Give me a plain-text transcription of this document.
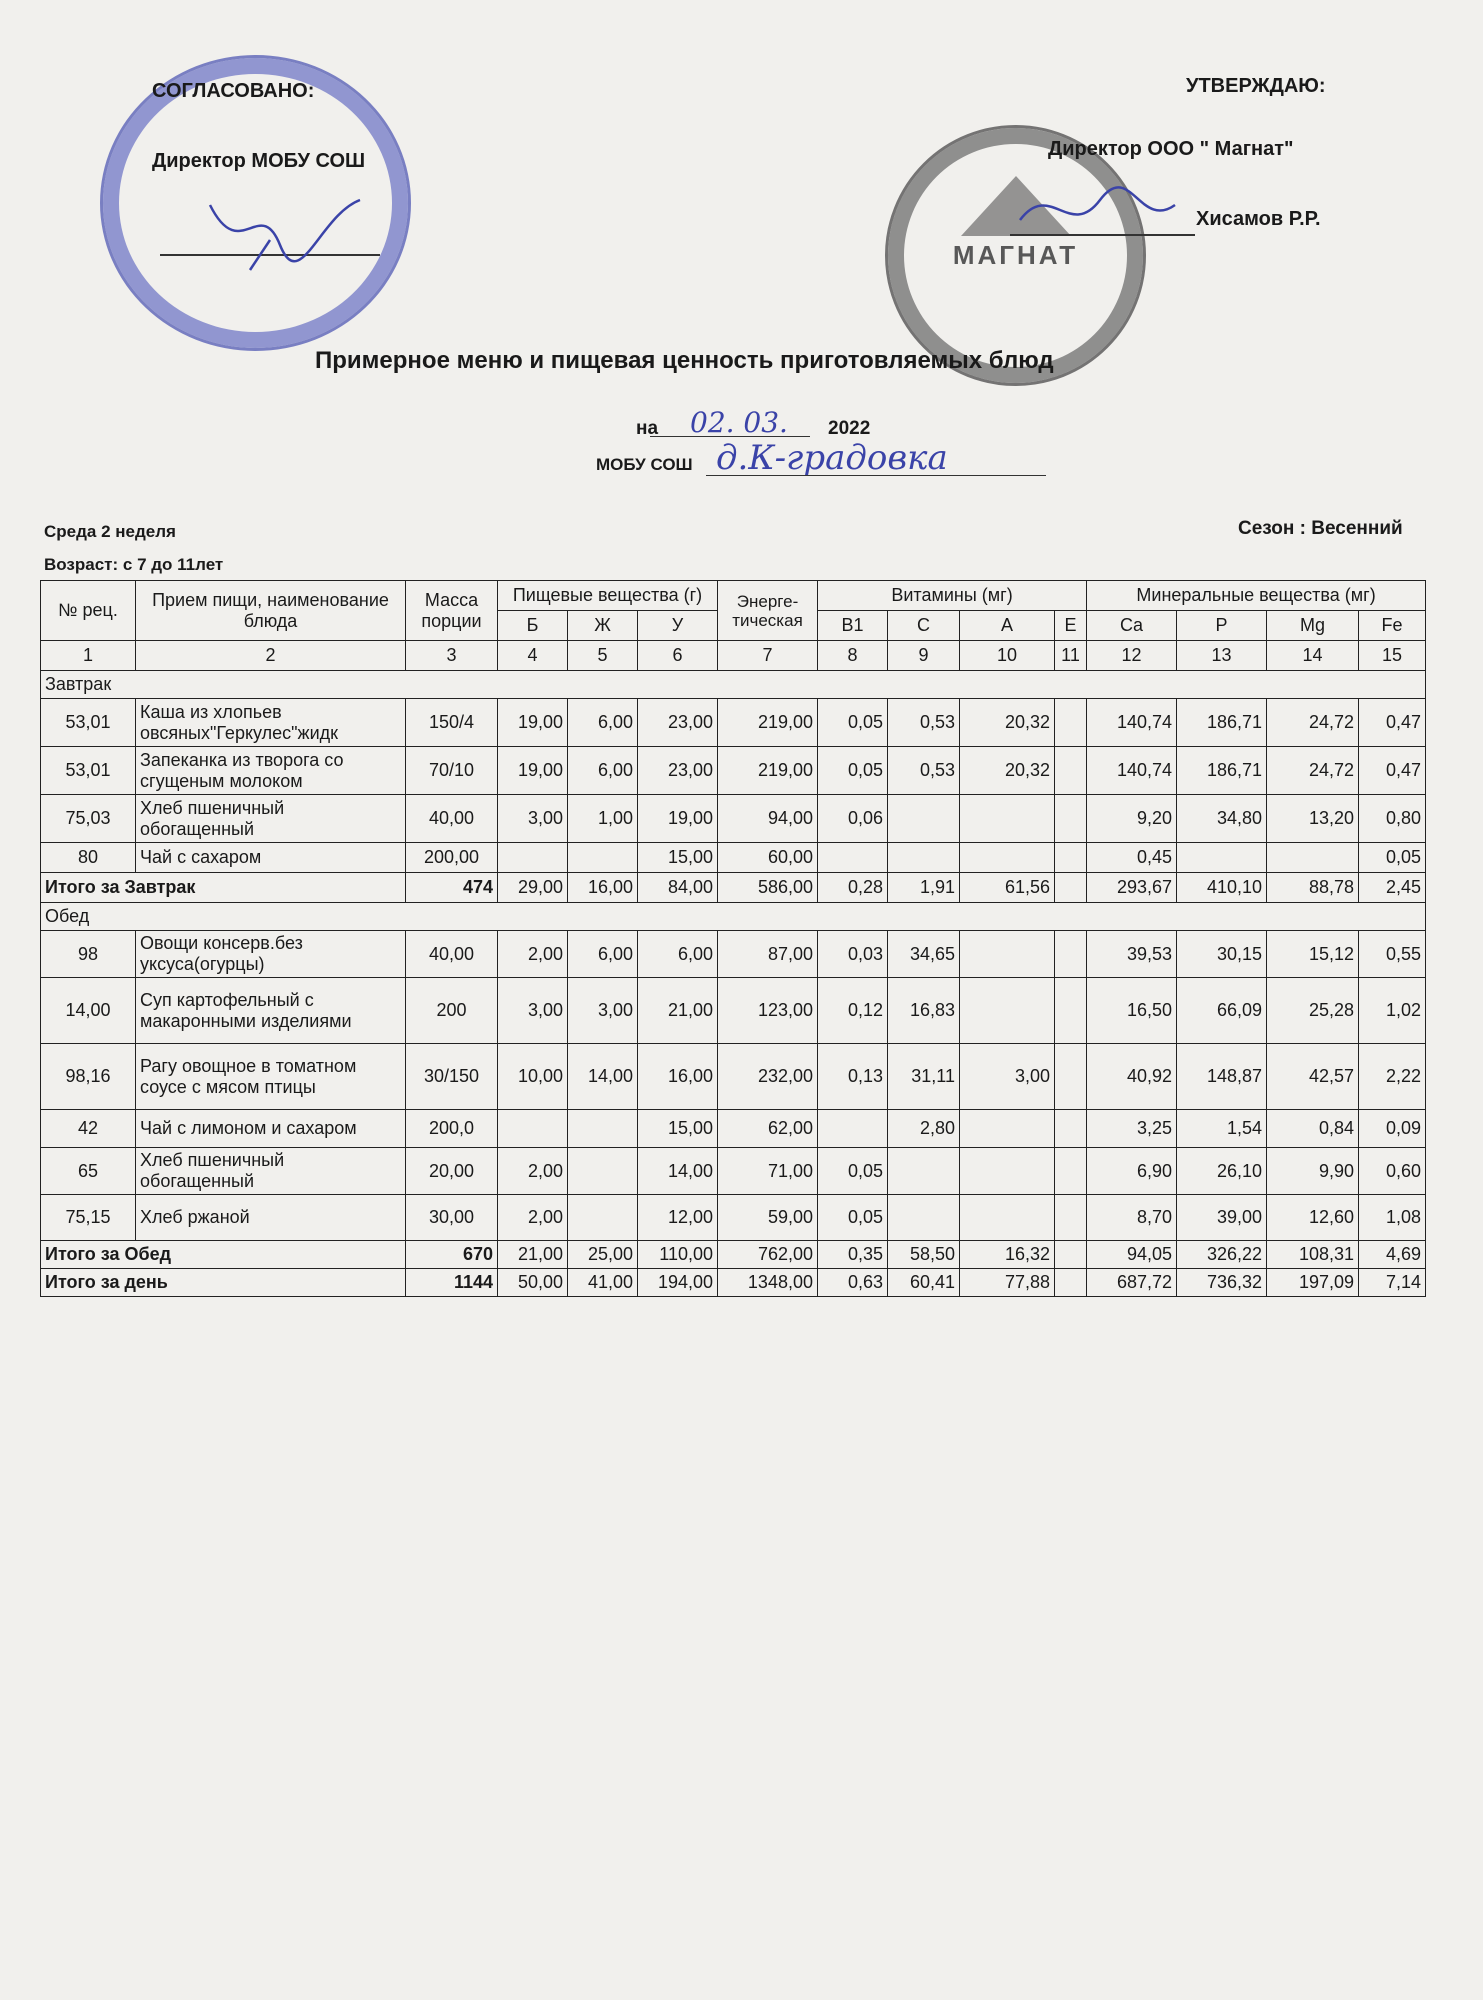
МАГНАТ
СОГЛАСОВАНО:
Директор МОБУ СОШ
УТВЕРЖДАЮ:
Директор ООО " Магнат"
Хисамов Р.Р.
Примерное меню и пищевая ценность приготовляемых блюд
на 02. 03. 2022
МОБУ СОШ д.К-градовка
Среда 2 неделя	Сезон : Весенний
Возраст: с 7 до 11лет
№ рец.	Прием пищи, наименование блюда	Масса порции	Пищевые вещества (г)			Энерге-тическая	Витамины (мг)				Минеральные вещества (мг)			
			Б	Ж	У		В1	С	А	Е	Ca	P	Mg	Fe
1	2	3	4	5	6	7	8	9	10	11	12	13	14	15
Завтрак														
53,01	Каша из хлопьев овсяных"Геркулес"жидк	150/4	19,00	6,00	23,00	219,00	0,05	0,53	20,32		140,74	186,71	24,72	0,47
53,01	Запеканка из творога со сгущеным молоком	70/10	19,00	6,00	23,00	219,00	0,05	0,53	20,32		140,74	186,71	24,72	0,47
75,03	Хлеб пшеничный обогащенный	40,00	3,00	1,00	19,00	94,00	0,06				9,20	34,80	13,20	0,80
80	Чай с сахаром	200,00			15,00	60,00					0,45			0,05
Итого за Завтрак		474	29,00	16,00	84,00	586,00	0,28	1,91	61,56		293,67	410,10	88,78	2,45
Обед														
98	Овощи консерв.без уксуса(огурцы)	40,00	2,00	6,00	6,00	87,00	0,03	34,65			39,53	30,15	15,12	0,55
14,00	Суп картофельный с макаронными изделиями	200	3,00	3,00	21,00	123,00	0,12	16,83			16,50	66,09	25,28	1,02
98,16	Рагу овощное в томатном соусе с мясом птицы	30/150	10,00	14,00	16,00	232,00	0,13	31,11	3,00		40,92	148,87	42,57	2,22
42	Чай с лимоном и сахаром	200,0			15,00	62,00		2,80			3,25	1,54	0,84	0,09
65	Хлеб пшеничный обогащенный	20,00	2,00		14,00	71,00	0,05				6,90	26,10	9,90	0,60
75,15	Хлеб ржаной	30,00	2,00		12,00	59,00	0,05				8,70	39,00	12,60	1,08
Итого за Обед		670	21,00	25,00	110,00	762,00	0,35	58,50	16,32		94,05	326,22	108,31	4,69
Итого за день		1144	50,00	41,00	194,00	1348,00	0,63	60,41	77,88		687,72	736,32	197,09	7,14
